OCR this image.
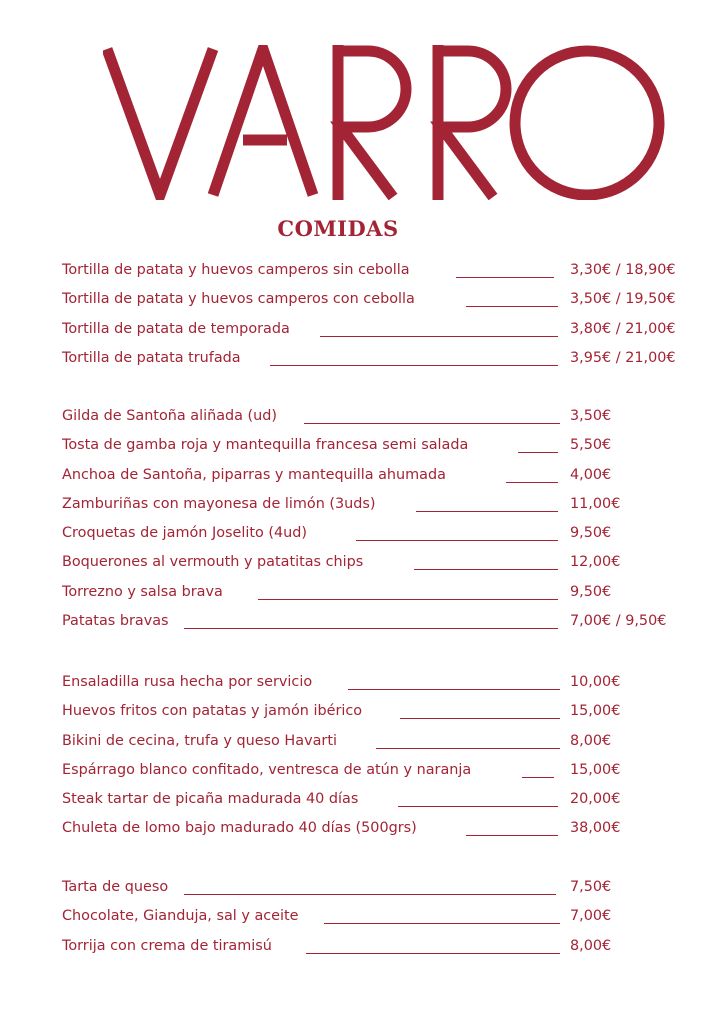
COMIDAS
Tortilla de patata y huevos camperos sin cebolla	3,30€ / 18,90€
Tortilla de patata y huevos camperos con cebolla	3,50€ / 19,50€
Tortilla de patata de temporada	3,80€ / 21,00€
Tortilla de patata trufada	3,95€ / 21,00€
Gilda de Santoña aliñada (ud)	3,50€
Tosta de gamba roja y mantequilla francesa semi salada	5,50€
Anchoa de Santoña, piparras y mantequilla ahumada	4,00€
Zamburiñas con mayonesa de limón (3uds)	11,00€
Croquetas de jamón Joselito (4ud)	9,50€
Boquerones al vermouth y patatitas chips	12,00€
Torrezno y salsa brava	9,50€
Patatas bravas	7,00€ / 9,50€
Ensaladilla rusa hecha por servicio	10,00€
Huevos fritos con patatas y jamón ibérico	15,00€
Bikini de cecina, trufa y queso Havarti	8,00€
Espárrago blanco confitado, ventresca de atún y naranja	15,00€
Steak tartar de picaña madurada 40 días	20,00€
Chuleta de lomo bajo madurado 40 días (500grs)	38,00€
Tarta de queso	7,50€
Chocolate, Gianduja, sal y aceite	7,00€
Torrija con crema de tiramisú	8,00€
